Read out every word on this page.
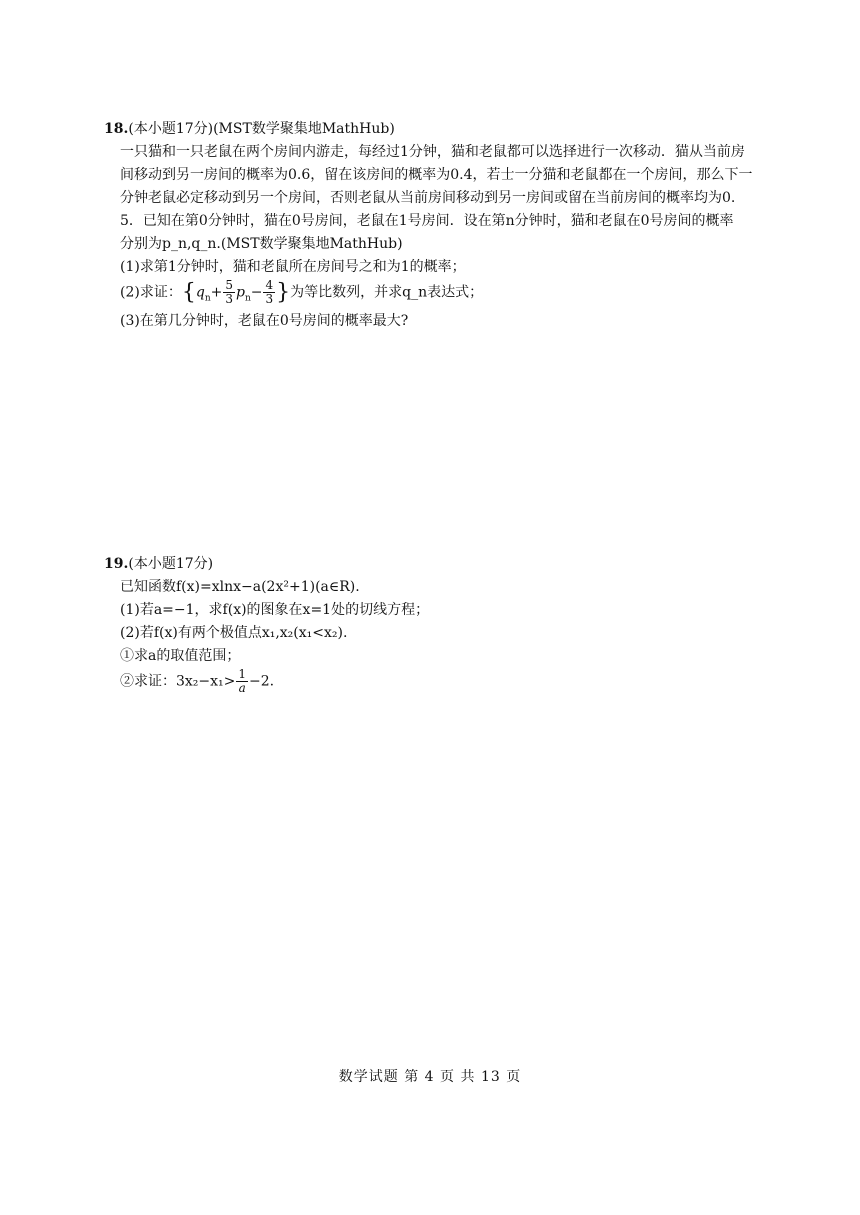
18.(本小题17分)(MST数学聚集地MathHub)
一只猫和一只老鼠在两个房间内游走，每经过1分钟，猫和老鼠都可以选择进行一次移动．猫从当前房
间移动到另一房间的概率为0.6，留在该房间的概率为0.4，若士一分猫和老鼠都在一个房间，那么下一
分钟老鼠必定移动到另一个房间，否则老鼠从当前房间移动到另一房间或留在当前房间的概率均为0.
5．已知在第0分钟时，猫在0号房间，老鼠在1号房间．设在第n分钟时，猫和老鼠在0号房间的概率
分别为p_n,q_n.(MST数学聚集地MathHub)
(1)求第1分钟时，猫和老鼠所在房间号之和为1的概率；
(2)求证：{$q_n+ \frac{5}{3} p_n- \frac{4}{3}$ }为等比数列，并求q_n表达式；
(3)在第几分钟时，老鼠在0号房间的概率最大?
19.(本小题17分)
已知函数f(x)=xlnx−a(2x²+1)(a∈R).
(1)若a=−1，求f(x)的图象在x=1处的切线方程；
(2)若f(x)有两个极值点x₁,x₂(x₁<x₂).
①求a的取值范围；
②求证：$3x_2-x_1> \frac{1}{a} -2$.
数学试题 第 4 页 共 13 页
